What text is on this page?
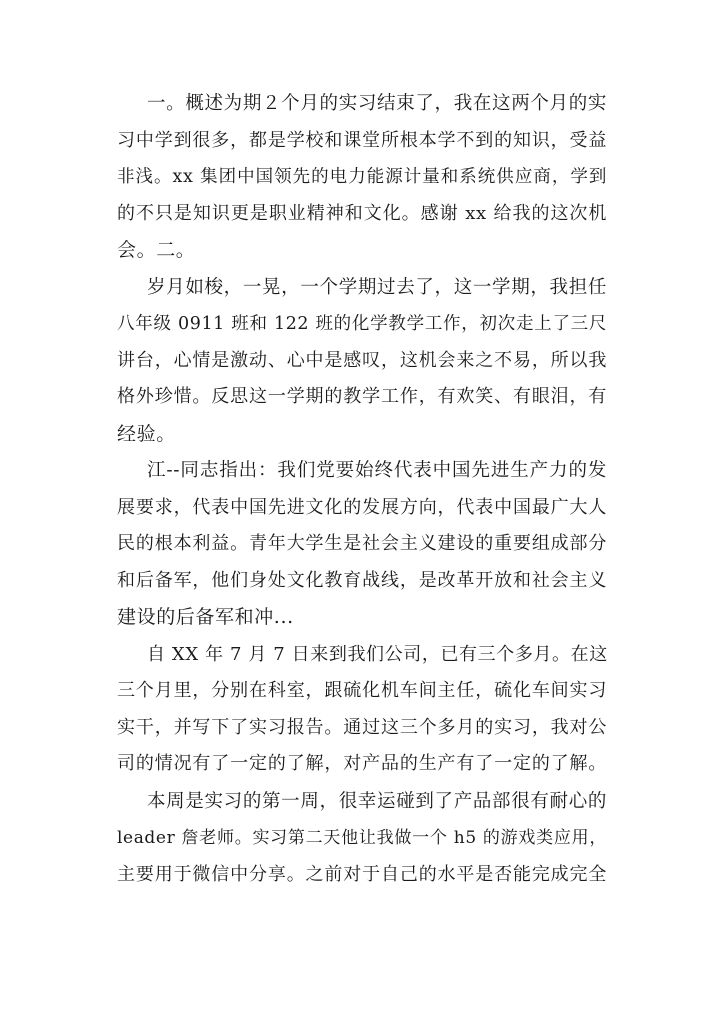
一。概述为期２个月的实习结束了，我在这两个月的实
习中学到很多，都是学校和课堂所根本学不到的知识，受益
非浅。xx 集团中国领先的电力能源计量和系统供应商，学到
的不只是知识更是职业精神和文化。感谢 xx 给我的这次机
会。二。
岁月如梭，一晃，一个学期过去了，这一学期，我担任
八年级 0911 班和 122 班的化学教学工作，初次走上了三尺
讲台，心情是激动、心中是感叹，这机会来之不易，所以我
格外珍惜。反思这一学期的教学工作，有欢笑、有眼泪，有
经验。
江--同志指出：我们党要始终代表中国先进生产力的发
展要求，代表中国先进文化的发展方向，代表中国最广大人
民的根本利益。青年大学生是社会主义建设的重要组成部分
和后备军，他们身处文化教育战线，是改革开放和社会主义
建设的后备军和冲...
自 XX 年 7 月 7 日来到我们公司，已有三个多月。在这
三个月里，分别在科室，跟硫化机车间主任，硫化车间实习
实干，并写下了实习报告。通过这三个多月的实习，我对公
司的情况有了一定的了解，对产品的生产有了一定的了解。
本周是实习的第一周，很幸运碰到了产品部很有耐心的
leader 詹老师。实习第二天他让我做一个 h5 的游戏类应用，
主要用于微信中分享。之前对于自己的水平是否能完成完全
